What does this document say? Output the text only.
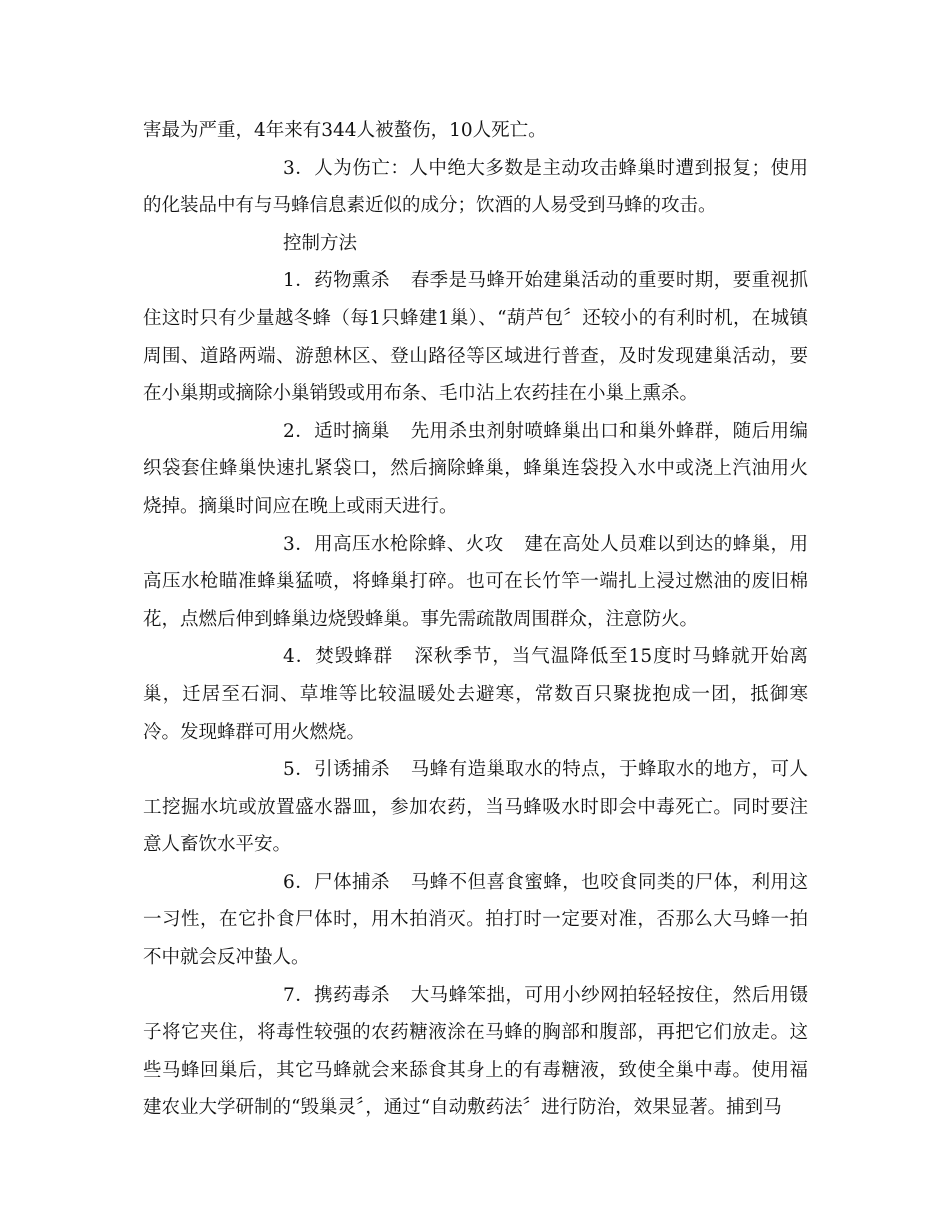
害最为严重，4年来有344人被螯伤，10人死亡。

3．人为伤亡：人中绝大多数是主动攻击蜂巢时遭到报复；使用的化装品中有与马蜂信息素近似的成分；饮酒的人易受到马蜂的攻击。

控制方法

1．药物熏杀 春季是马蜂开始建巢活动的重要时期，要重视抓住这时只有少量越冬蜂（每1只蜂建1巢）、“葫芦包〞还较小的有利时机，在城镇周围、道路两端、游憩林区、登山路径等区域进行普查，及时发现建巢活动，要在小巢期或摘除小巢销毁或用布条、毛巾沾上农药挂在小巢上熏杀。

2．适时摘巢 先用杀虫剂射喷蜂巢出口和巢外蜂群，随后用编织袋套住蜂巢快速扎紧袋口，然后摘除蜂巢，蜂巢连袋投入水中或浇上汽油用火烧掉。摘巢时间应在晚上或雨天进行。

3．用高压水枪除蜂、火攻 建在高处人员难以到达的蜂巢，用高压水枪瞄准蜂巢猛喷，将蜂巢打碎。也可在长竹竿一端扎上浸过燃油的废旧棉花，点燃后伸到蜂巢边烧毁蜂巢。事先需疏散周围群众，注意防火。

4．焚毁蜂群 深秋季节，当气温降低至15度时马蜂就开始离巢，迁居至石洞、草堆等比较温暖处去避寒，常数百只聚拢抱成一团，抵御寒冷。发现蜂群可用火燃烧。

5．引诱捕杀 马蜂有造巢取水的特点，于蜂取水的地方，可人工挖掘水坑或放置盛水器皿，参加农药，当马蜂吸水时即会中毒死亡。同时要注意人畜饮水平安。

6．尸体捕杀 马蜂不但喜食蜜蜂，也咬食同类的尸体，利用这一习性，在它扑食尸体时，用木拍消灭。拍打时一定要对准，否那么大马蜂一拍不中就会反冲蛰人。

7．携药毒杀 大马蜂笨拙，可用小纱网拍轻轻按住，然后用镊子将它夹住，将毒性较强的农药糖液涂在马蜂的胸部和腹部，再把它们放走。这些马蜂回巢后，其它马蜂就会来舔食其身上的有毒糖液，致使全巢中毒。使用福建农业大学研制的“毁巢灵〞，通过“自动敷药法〞进行防治，效果显著。捕到马
